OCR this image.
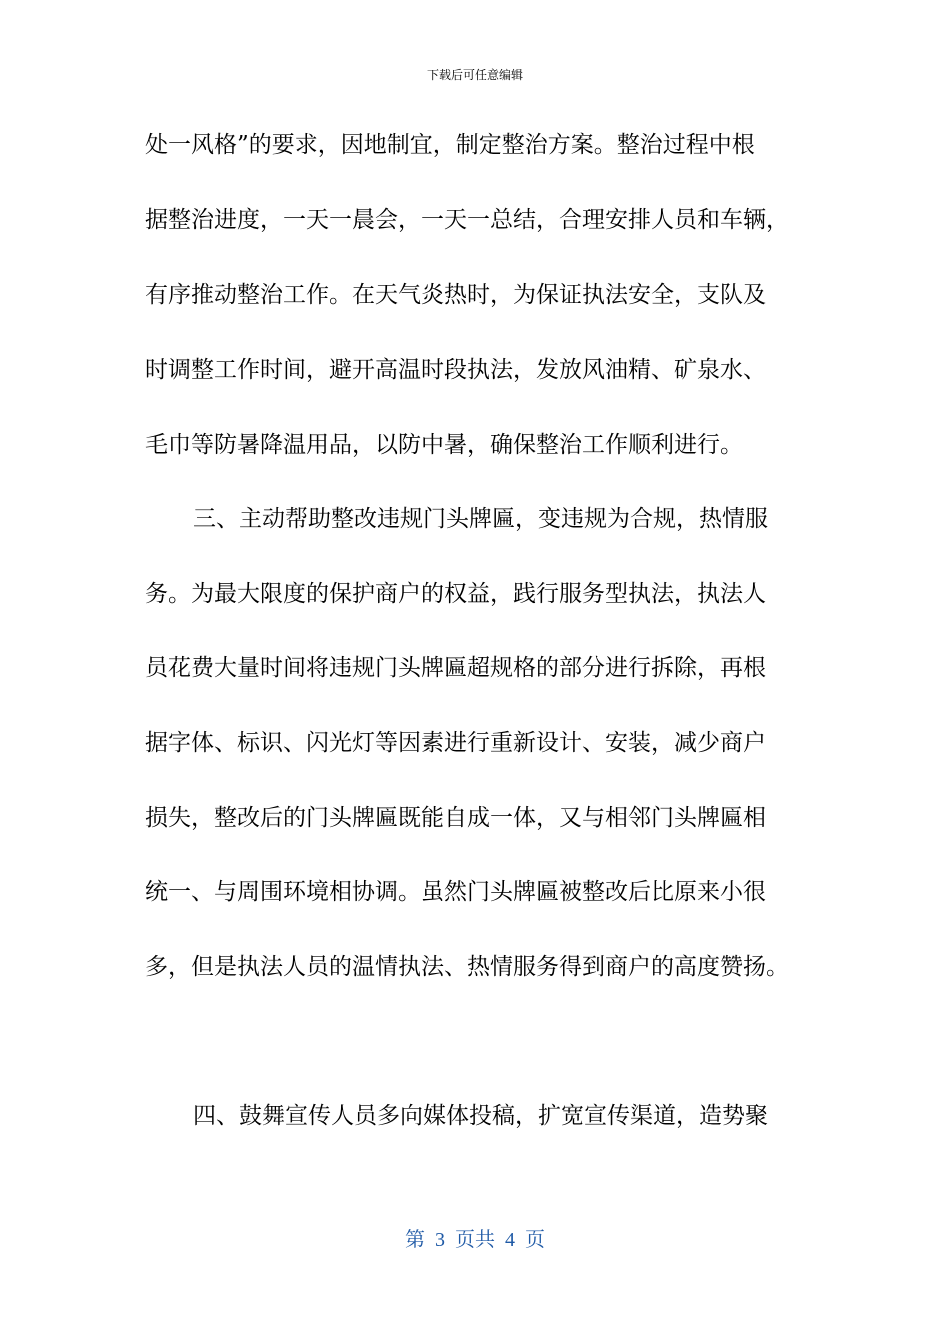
下载后可任意编辑
处一风格”的要求，因地制宜，制定整治方案。整治过程中根
据整治进度，一天一晨会，一天一总结，合理安排人员和车辆，
有序推动整治工作。在天气炎热时，为保证执法安全，支队及
时调整工作时间，避开高温时段执法，发放风油精、矿泉水、
毛巾等防暑降温用品，以防中暑，确保整治工作顺利进行。
三、主动帮助整改违规门头牌匾，变违规为合规，热情服
务。为最大限度的保护商户的权益，践行服务型执法，执法人
员花费大量时间将违规门头牌匾超规格的部分进行拆除，再根
据字体、标识、闪光灯等因素进行重新设计、安装，减少商户
损失，整改后的门头牌匾既能自成一体，又与相邻门头牌匾相
统一、与周围环境相协调。虽然门头牌匾被整改后比原来小很
多，但是执法人员的温情执法、热情服务得到商户的高度赞扬。
四、鼓舞宣传人员多向媒体投稿，扩宽宣传渠道，造势聚
第  3  页共  4  页
